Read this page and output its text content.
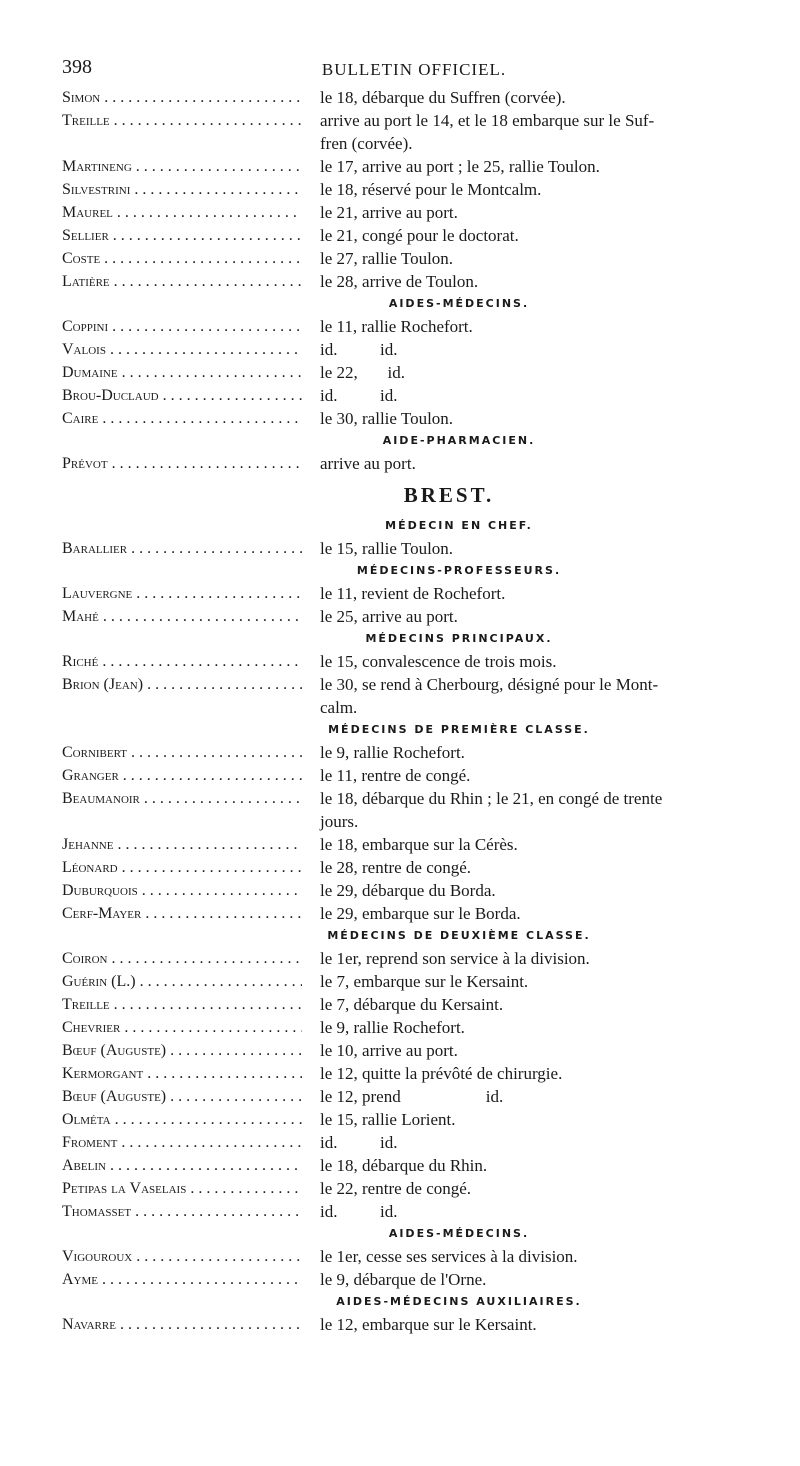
398	BULLETIN OFFICIEL.
Simon . . .	le 18, débarque du Suffren (corvée).
Treille . . .	arrive au port le 14, et le 18 embarque sur le Suf-
fren (corvée).
Martineng . . .	le 17, arrive au port ; le 25, rallie Toulon.
Silvestrini . . .	le 18, réservé pour le Montcalm.
Maurel . . .	le 21, arrive au port.
Sellier . . .	le 21, congé pour le doctorat.
Coste . . .	le 27, rallie Toulon.
Latière . . .	le 28, arrive de Toulon.
AIDES-MÉDECINS.
Coppini . . .	le 11, rallie Rochefort.
Valois . . .	id.          id.
Dumaine . . .	le 22,       id.
Brou-Duclaud . . .	id.          id.
Caire . . .	le 30, rallie Toulon.
AIDE-PHARMACIEN.
Prévot . . .	arrive au port.
BREST.
MÉDECIN EN CHEF.
Barallier . . .	le 15, rallie Toulon.
MÉDECINS-PROFESSEURS.
Lauvergne . . .	le 11, revient de Rochefort.
Mahé . . .	le 25, arrive au port.
MÉDECINS PRINCIPAUX.
Riché . . .	le 15, convalescence de trois mois.
Brion (Jean) . . .	le 30, se rend à Cherbourg, désigné pour le Mont-
calm.
MÉDECINS DE PREMIÈRE CLASSE.
Cornibert . . .	le 9, rallie Rochefort.
Granger . . .	le 11, rentre de congé.
Beaumanoir . . .	le 18, débarque du Rhin ; le 21, en congé de trente
jours.
Jehanne . . .	le 18, embarque sur la Cérès.
Léonard . . .	le 28, rentre de congé.
Duburquois . . .	le 29, débarque du Borda.
Cerf-Mayer . . .	le 29, embarque sur le Borda.
MÉDECINS DE DEUXIÈME CLASSE.
Coiron . . .	le 1er, reprend son service à la division.
Guérin (L.) . . .	le 7, embarque sur le Kersaint.
Treille . . .	le 7, débarque du Kersaint.
Chevrier . . .	le 9, rallie Rochefort.
Bœuf (Auguste) . . .	le 10, arrive au port.
Kermorgant . . .	le 12, quitte la prévôté de chirurgie.
Bœuf (Auguste) . . .	le 12, prend                    id.
Olméta . . .	le 15, rallie Lorient.
Froment . . .	id.          id.
Abelin . . .	le 18, débarque du Rhin.
Petipas la Vaselais . . .	le 22, rentre de congé.
Thomasset . . .	id.          id.
AIDES-MÉDECINS.
Vigouroux . . .	le 1er, cesse ses services à la division.
Ayme . . .	le 9, débarque de l'Orne.
AIDES-MÉDECINS AUXILIAIRES.
Navarre . . .	le 12, embarque sur le Kersaint.
